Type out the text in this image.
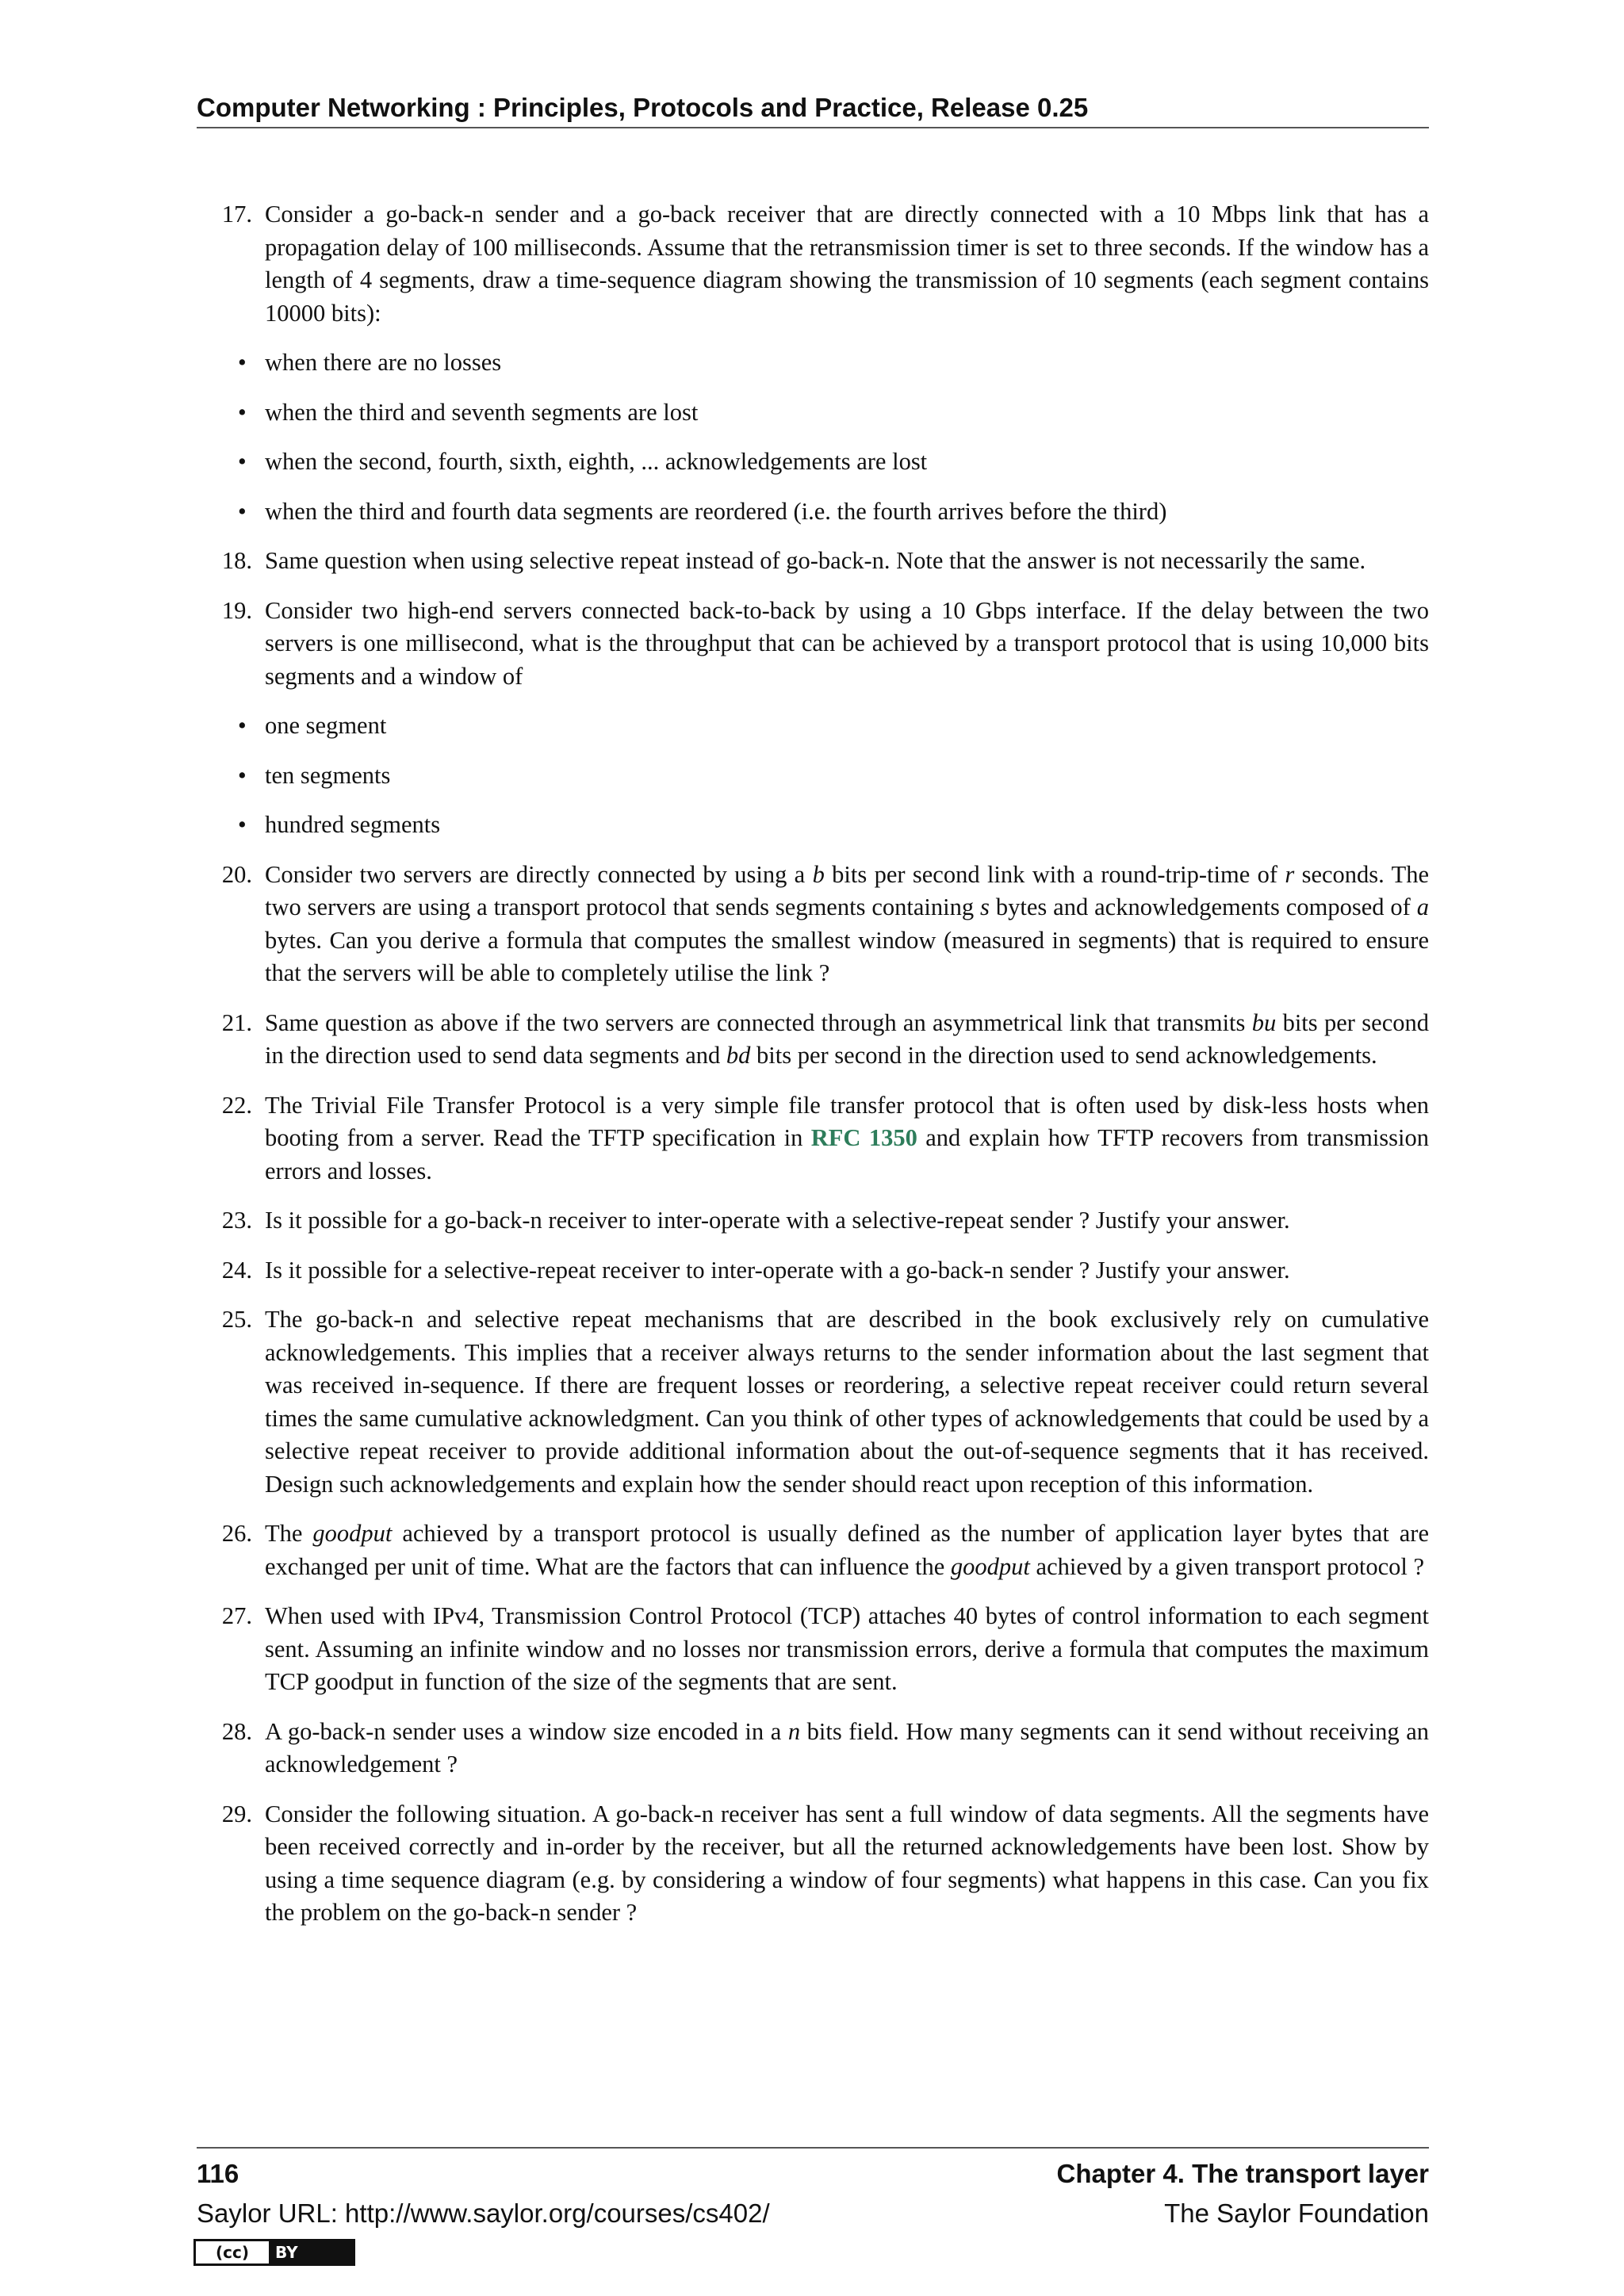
Computer Networking : Principles, Protocols and Practice, Release 0.25
17. Consider a go-back-n sender and a go-back receiver that are directly connected with a 10 Mbps link that has a propagation delay of 100 milliseconds. Assume that the retransmission timer is set to three seconds. If the window has a length of 4 segments, draw a time-sequence diagram showing the transmission of 10 segments (each segment contains 10000 bits):
• when there are no losses
• when the third and seventh segments are lost
• when the second, fourth, sixth, eighth, ... acknowledgements are lost
• when the third and fourth data segments are reordered (i.e. the fourth arrives before the third)
18. Same question when using selective repeat instead of go-back-n. Note that the answer is not necessarily the same.
19. Consider two high-end servers connected back-to-back by using a 10 Gbps interface. If the delay between the two servers is one millisecond, what is the throughput that can be achieved by a transport protocol that is using 10,000 bits segments and a window of
• one segment
• ten segments
• hundred segments
20. Consider two servers are directly connected by using a b bits per second link with a round-trip-time of r seconds. The two servers are using a transport protocol that sends segments containing s bytes and acknowledgements composed of a bytes. Can you derive a formula that computes the smallest window (measured in segments) that is required to ensure that the servers will be able to completely utilise the link ?
21. Same question as above if the two servers are connected through an asymmetrical link that transmits bu bits per second in the direction used to send data segments and bd bits per second in the direction used to send acknowledgements.
22. The Trivial File Transfer Protocol is a very simple file transfer protocol that is often used by disk-less hosts when booting from a server. Read the TFTP specification in RFC 1350 and explain how TFTP recovers from transmission errors and losses.
23. Is it possible for a go-back-n receiver to inter-operate with a selective-repeat sender ? Justify your answer.
24. Is it possible for a selective-repeat receiver to inter-operate with a go-back-n sender ? Justify your answer.
25. The go-back-n and selective repeat mechanisms that are described in the book exclusively rely on cumulative acknowledgements. This implies that a receiver always returns to the sender information about the last segment that was received in-sequence. If there are frequent losses or reordering, a selective repeat receiver could return several times the same cumulative acknowledgment. Can you think of other types of acknowledgements that could be used by a selective repeat receiver to provide additional information about the out-of-sequence segments that it has received. Design such acknowledgements and explain how the sender should react upon reception of this information.
26. The goodput achieved by a transport protocol is usually defined as the number of application layer bytes that are exchanged per unit of time. What are the factors that can influence the goodput achieved by a given transport protocol ?
27. When used with IPv4, Transmission Control Protocol (TCP) attaches 40 bytes of control information to each segment sent. Assuming an infinite window and no losses nor transmission errors, derive a formula that computes the maximum TCP goodput in function of the size of the segments that are sent.
28. A go-back-n sender uses a window size encoded in a n bits field. How many segments can it send without receiving an acknowledgement ?
29. Consider the following situation. A go-back-n receiver has sent a full window of data segments. All the segments have been received correctly and in-order by the receiver, but all the returned acknowledgements have been lost. Show by using a time sequence diagram (e.g. by considering a window of four segments) what happens in this case. Can you fix the problem on the go-back-n sender ?
116	Chapter 4. The transport layer
Saylor URL: http://www.saylor.org/courses/cs402/	The Saylor Foundation
(cc)	BY
